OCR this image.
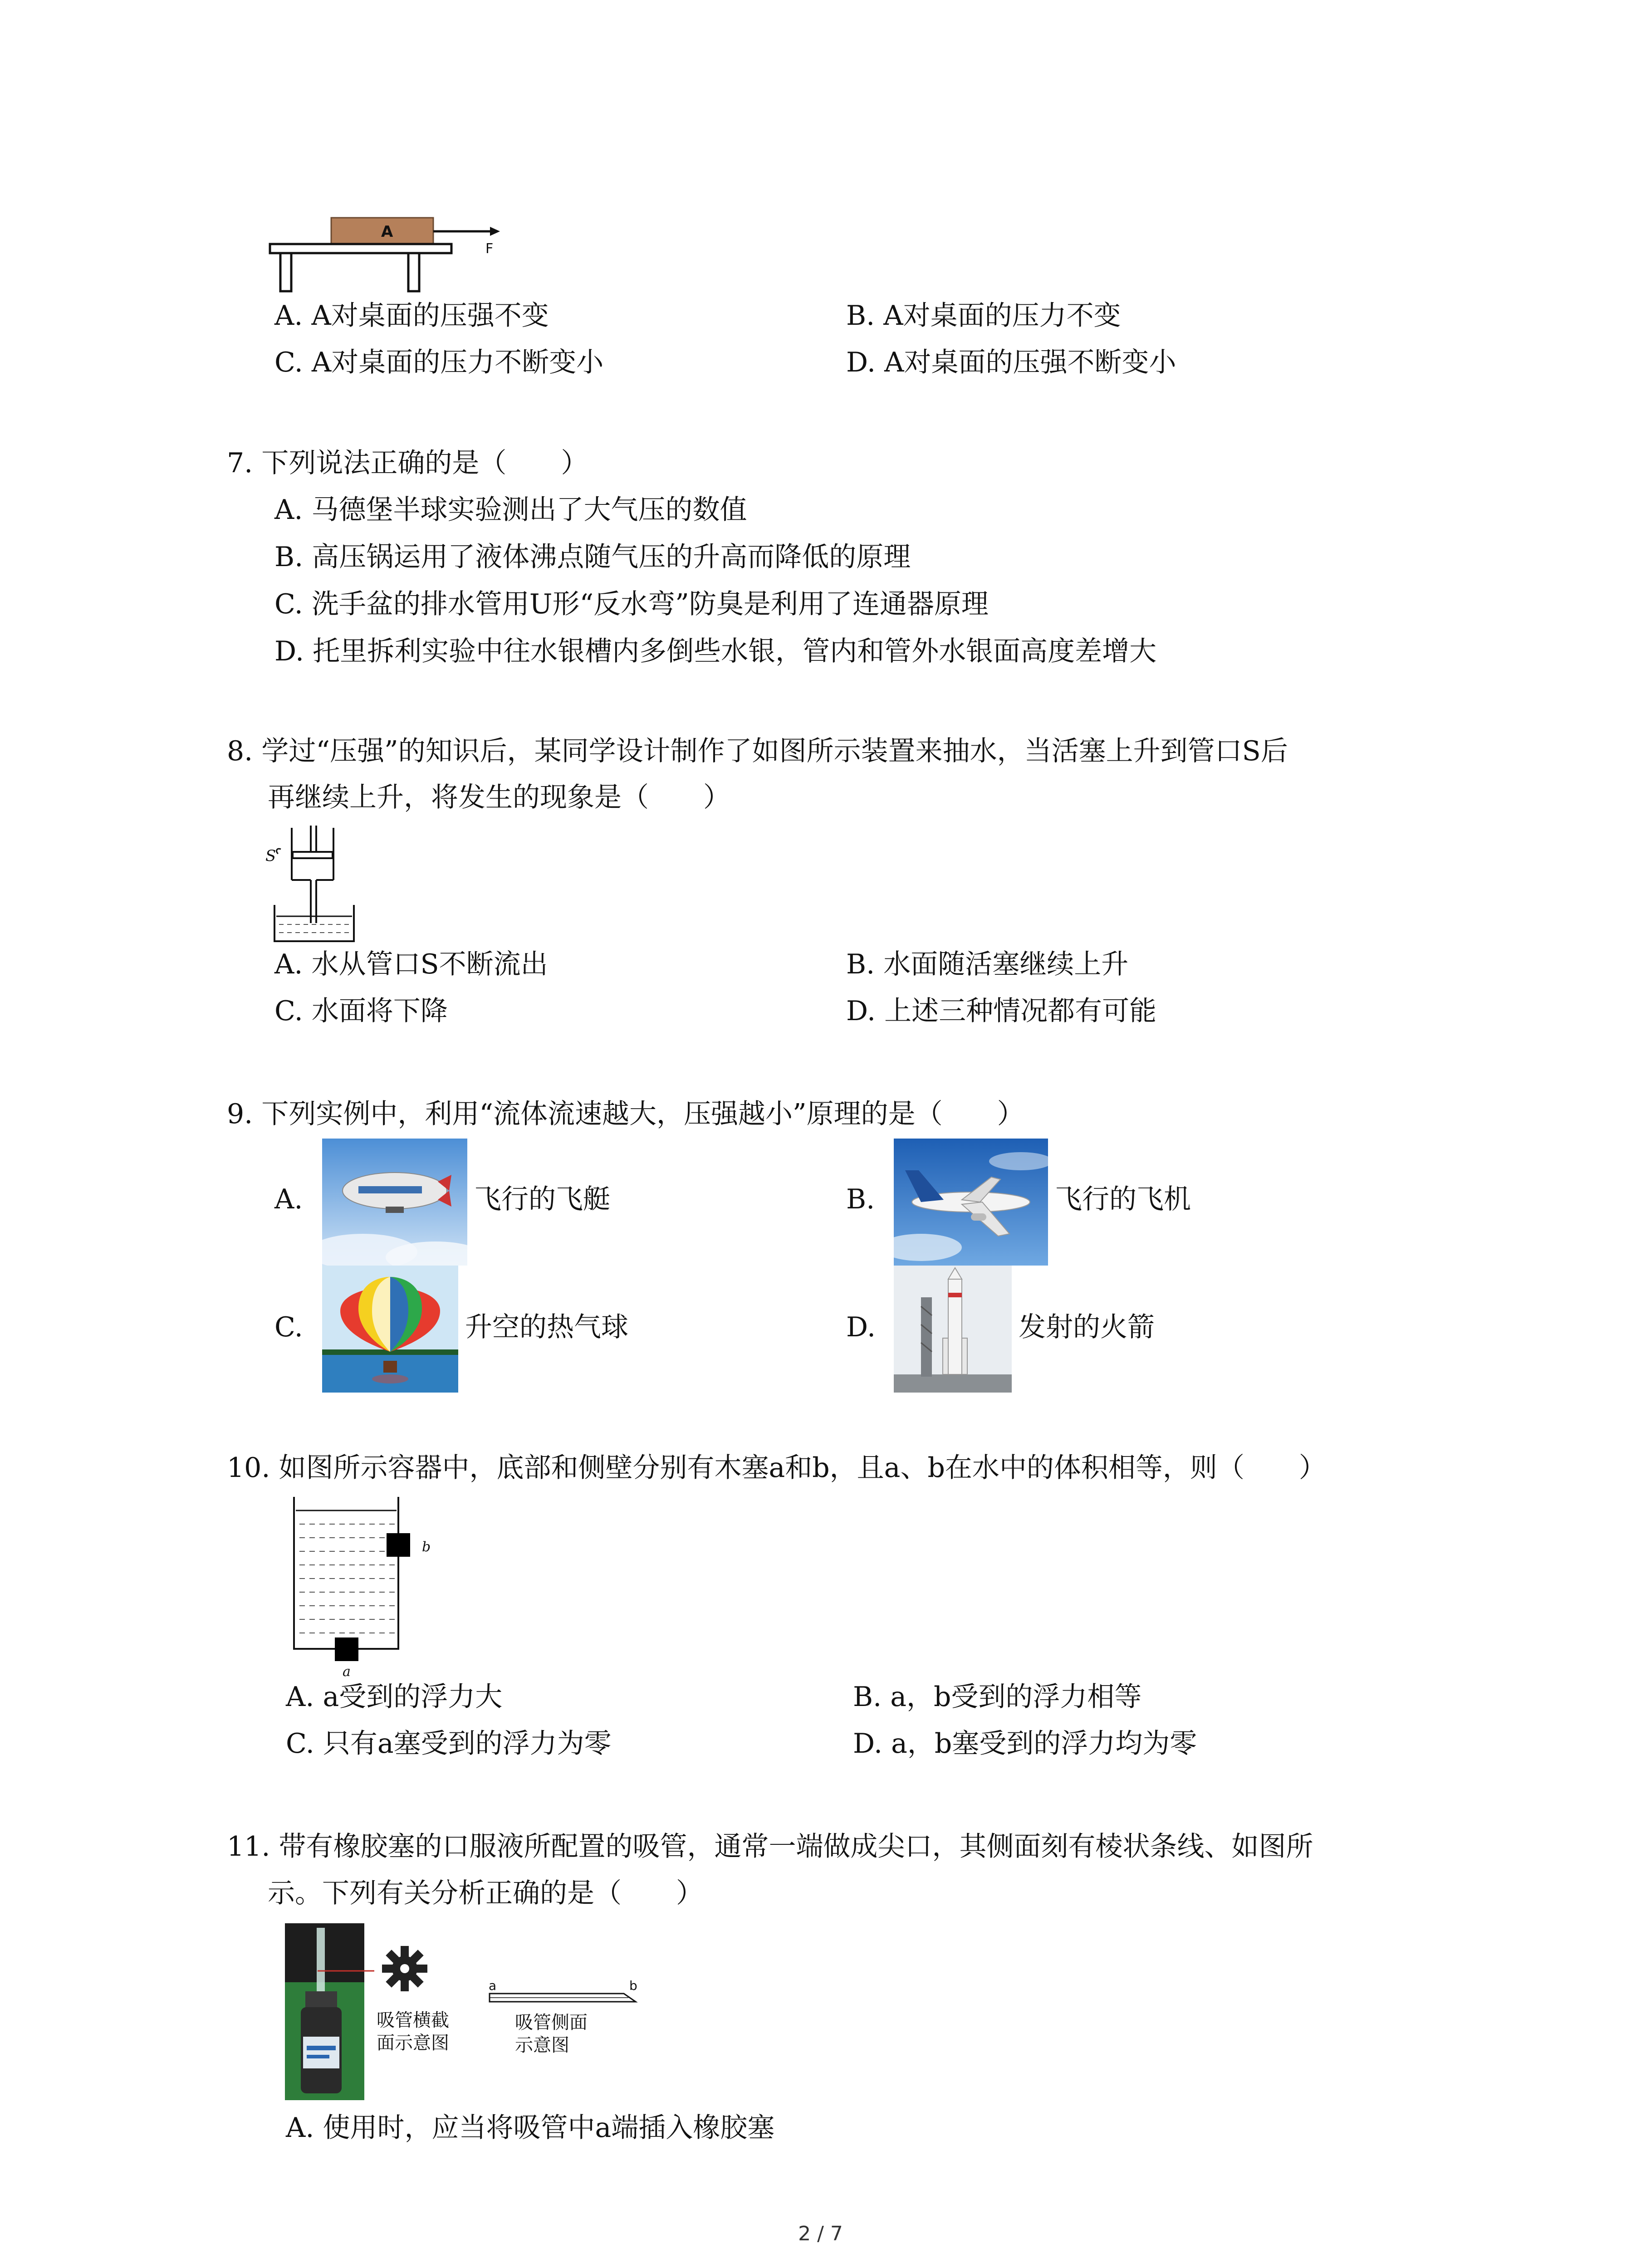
A
F
A. A对桌面的压强不变	B. A对桌面的压力不变
C. A对桌面的压力不断变小	D. A对桌面的压强不断变小
7. 下列说法正确的是（　　）
A. 马德堡半球实验测出了大气压的数值
B. 高压锅运用了液体沸点随气压的升高而降低的原理
C. 洗手盆的排水管用U形“反水弯”防臭是利用了连通器原理
D. 托里拆利实验中往水银槽内多倒些水银，管内和管外水银面高度差增大
8. 学过“压强”的知识后，某同学设计制作了如图所示装置来抽水，当活塞上升到管口S后
再继续上升，将发生的现象是（　　）
S
A. 水从管口S不断流出	B. 水面随活塞继续上升
C. 水面将下降	D. 上述三种情况都有可能
9. 下列实例中，利用“流体流速越大，压强越小”原理的是（　　）
A.	飞行的飞艇	B.	飞行的飞机
C.	升空的热气球	D.	发射的火箭
10. 如图所示容器中，底部和侧壁分别有木塞a和b，且a、b在水中的体积相等，则（　　）
b
a
A. a受到的浮力大	B. a，b受到的浮力相等
C. 只有a塞受到的浮力为零	D. a，b塞受到的浮力均为零
11. 带有橡胶塞的口服液所配置的吸管，通常一端做成尖口，其侧面刻有棱状条线、如图所
示。下列有关分析正确的是（　　）
吸管横截
面示意图
a	b
吸管侧面
示意图
A. 使用时，应当将吸管中a端插入橡胶塞
2 / 7
